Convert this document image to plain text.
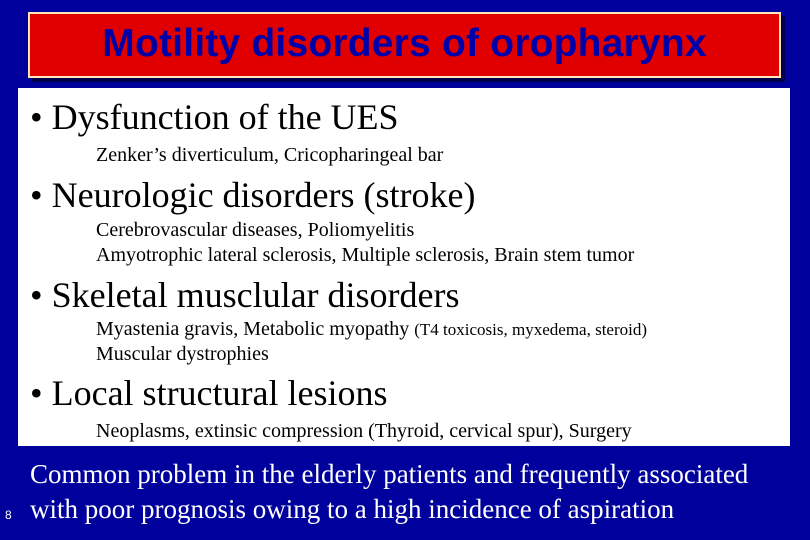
Motility disorders of oropharynx
• Dysfunction of the UES
Zenker’s diverticulum, Cricopharingeal bar
• Neurologic disorders (stroke)
Cerebrovascular diseases, Poliomyelitis
Amyotrophic lateral sclerosis, Multiple sclerosis, Brain stem tumor
• Skeletal musclular disorders
Myastenia gravis, Metabolic myopathy (T4 toxicosis, myxedema, steroid)
Muscular dystrophies
• Local structural lesions
Neoplasms, extinsic compression (Thyroid, cervical spur), Surgery
Common problem in the elderly patients and frequently associated
with poor prognosis owing to a high incidence of aspiration
8
